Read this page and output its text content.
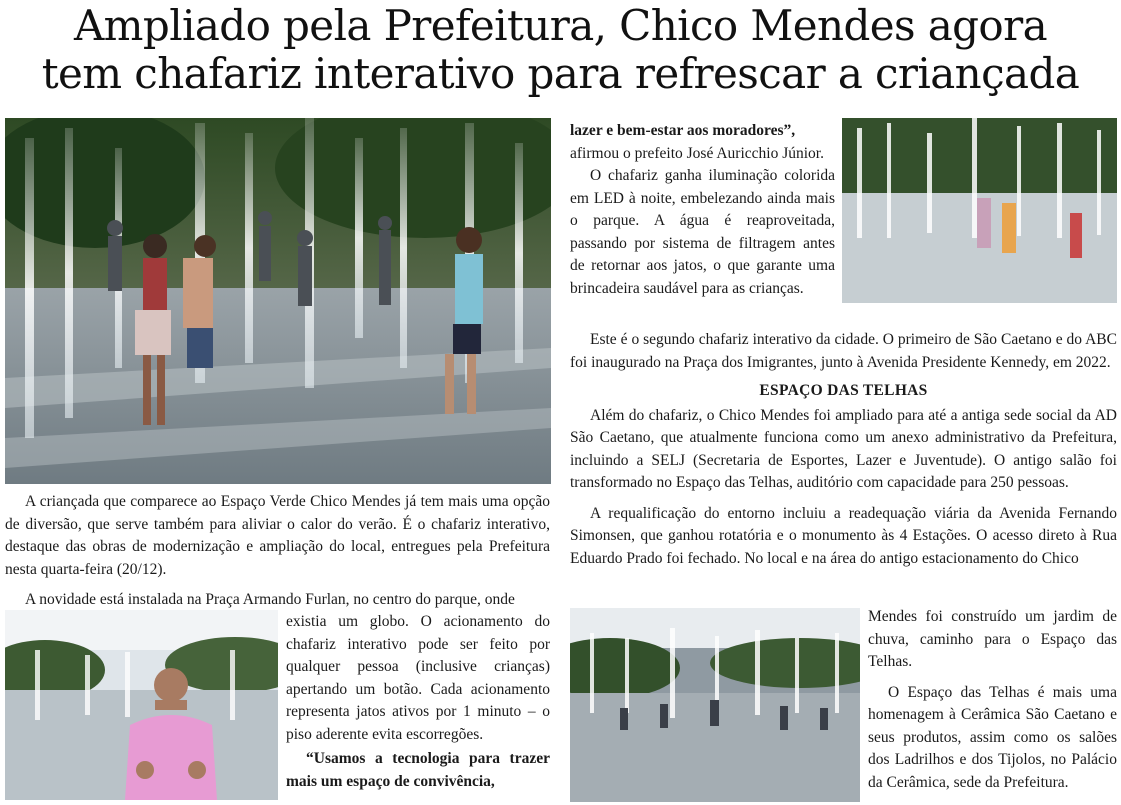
Ampliado pela Prefeitura, Chico Mendes agora
tem chafariz interativo para refrescar a criançada

A criançada que comparece ao Espaço Verde Chico Mendes já tem mais uma opção de diversão, que serve também para aliviar o calor do verão. É o chafariz interativo, destaque das obras de modernização e ampliação do local, entregues pela Prefeitura nesta quarta-feira (20/12).

A novidade está instalada na Praça Armando Furlan, no centro do parque, onde

existia um globo. O acionamento do chafariz interativo pode ser feito por qualquer pessoa (inclusive crianças) apertando um botão. Cada acionamento representa jatos ativos por 1 minuto – o piso aderente evita escorregões.

“Usamos a tecnologia para trazer mais um espaço de convivência,

lazer e bem-estar aos moradores”,

afirmou o prefeito José Auricchio Júnior.

O chafariz ganha iluminação colorida em LED à noite, embelezando ainda mais o parque. A água é reaproveitada, passando por sistema de filtragem antes de retornar aos jatos, o que garante uma brincadeira saudável para as crianças.

Este é o segundo chafariz interativo da cidade. O primeiro de São Caetano e do ABC foi inaugurado na Praça dos Imigrantes, junto à Avenida Presidente Kennedy, em 2022.

ESPAÇO DAS TELHAS

Além do chafariz, o Chico Mendes foi ampliado para até a antiga sede social da AD São Caetano, que atualmente funciona como um anexo administrativo da Prefeitura, incluindo a SELJ (Secretaria de Esportes, Lazer e Juventude). O antigo salão foi transformado no Espaço das Telhas, auditório com capacidade para 250 pessoas.

A requalificação do entorno incluiu a readequação viária da Avenida Fernando Simonsen, que ganhou rotatória e o monumento às 4 Estações. O acesso direto à Rua Eduardo Prado foi fechado. No local e na área do antigo estacionamento do Chico

Mendes foi construído um jardim de chuva, caminho para o Espaço das Telhas.

O Espaço das Telhas é mais uma homenagem à Cerâmica São Caetano e seus produtos, assim como os salões dos Ladrilhos e dos Tijolos, no Palácio da Cerâmica, sede da Prefeitura.
